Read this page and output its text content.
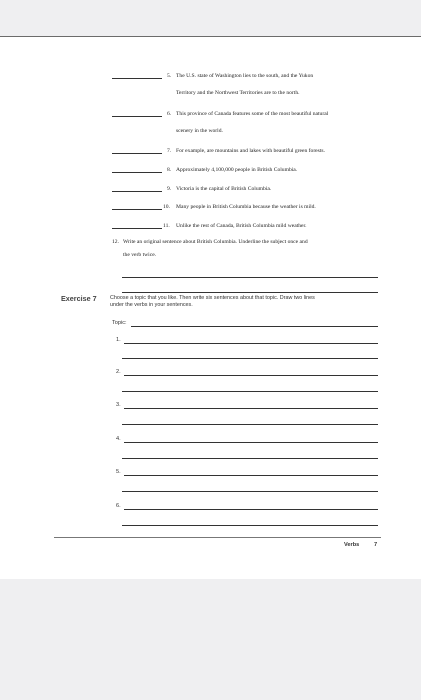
5. The U.S. state of Washington lies to the south, and the Yukon
Territory and the Northwest Territories are to the north.
6. This province of Canada features some of the most beautiful natural
scenery in the world.
7. For example, are mountains and lakes with beautiful green forests.
8. Approximately 4,100,000 people in British Columbia.
9. Victoria is the capital of British Columbia.
10. Many people in British Columbia because the weather is mild.
11. Unlike the rest of Canada, British Columbia mild weather.
12. Write an original sentence about British Columbia. Underline the subject once and
the verb twice.
Exercise 7 Choose a topic that you like. Then write six sentences about that topic. Draw two lines
under the verbs in your sentences.
Topic:
1.
2.
3.
4.
5.
6.
Verbs	7
